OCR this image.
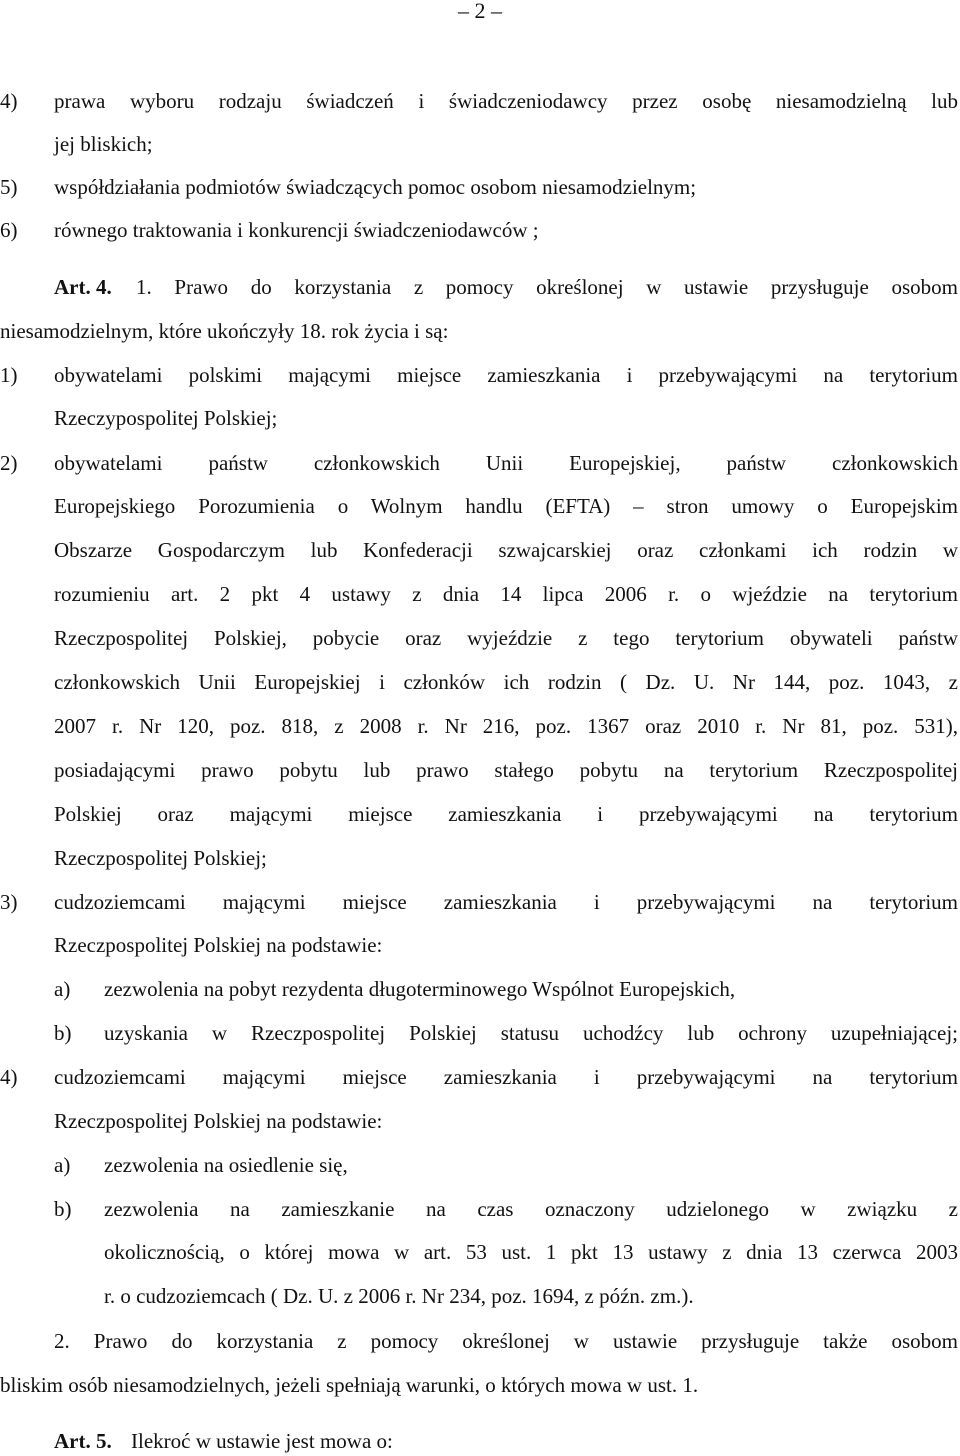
– 2 –
4) prawa wyboru rodzaju świadczeń i świadczeniodawcy przez osobę niesamodzielną lub
jej bliskich;
5) współdziałania podmiotów świadczących pomoc osobom niesamodzielnym;
6) równego traktowania i konkurencji świadczeniodawców ;
Art. 4. 1. Prawo do korzystania z pomocy określonej w ustawie przysługuje osobom
niesamodzielnym, które ukończyły 18. rok życia i są:
1) obywatelami polskimi mającymi miejsce zamieszkania i przebywającymi na terytorium
Rzeczypospolitej Polskiej;
2) obywatelami państw członkowskich Unii Europejskiej, państw członkowskich
Europejskiego Porozumienia o Wolnym handlu (EFTA) – stron umowy o Europejskim
Obszarze Gospodarczym lub Konfederacji szwajcarskiej oraz członkami ich rodzin w
rozumieniu art. 2 pkt 4 ustawy z dnia 14 lipca 2006 r. o wjeździe na terytorium
Rzeczpospolitej Polskiej, pobycie oraz wyjeździe z tego terytorium obywateli państw
członkowskich Unii Europejskiej i członków ich rodzin ( Dz. U. Nr 144, poz. 1043, z
2007 r. Nr 120, poz. 818, z 2008 r. Nr 216, poz. 1367 oraz 2010 r. Nr 81, poz. 531),
posiadającymi prawo pobytu lub prawo stałego pobytu na terytorium Rzeczpospolitej
Polskiej oraz mającymi miejsce zamieszkania i przebywającymi na terytorium
Rzeczpospolitej Polskiej;
3) cudzoziemcami mającymi miejsce zamieszkania i przebywającymi na terytorium
Rzeczpospolitej Polskiej na podstawie:
a) zezwolenia na pobyt rezydenta długoterminowego Wspólnot Europejskich,
b) uzyskania w Rzeczpospolitej Polskiej statusu uchodźcy lub ochrony uzupełniającej;
4) cudzoziemcami mającymi miejsce zamieszkania i przebywającymi na terytorium
Rzeczpospolitej Polskiej na podstawie:
a) zezwolenia na osiedlenie się,
b) zezwolenia na zamieszkanie na czas oznaczony udzielonego w związku z
okolicznością, o której mowa w art. 53 ust. 1 pkt 13 ustawy z dnia 13 czerwca 2003
r. o cudzoziemcach ( Dz. U. z 2006 r. Nr 234, poz. 1694, z późn. zm.).
2. Prawo do korzystania z pomocy określonej w ustawie przysługuje także osobom
bliskim osób niesamodzielnych, jeżeli spełniają warunki, o których mowa w ust. 1.
Art. 5. Ilekroć w ustawie jest mowa o:
